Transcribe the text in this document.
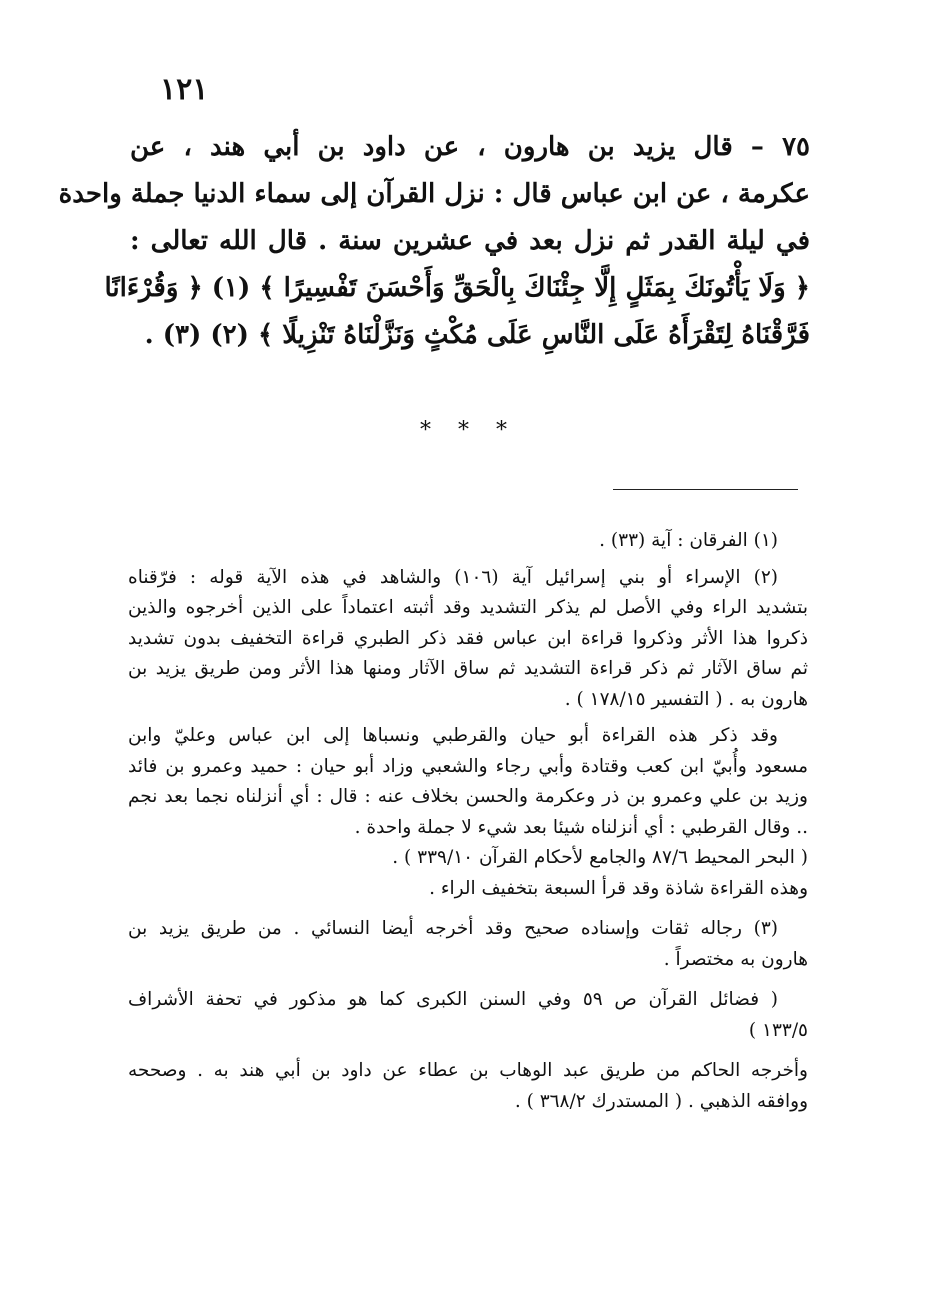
١٢١
٧٥ – قال يزيد بن هارون ، عن داود بن أبي هند ، عن
عكرمة ، عن ابن عباس قال : نزل القرآن إلى سماء الدنيا جملة واحدة
في ليلة القدر ثم نزل بعد في عشرين سنة . قال الله تعالى :
﴿ وَلَا يَأْتُونَكَ بِمَثَلٍ إِلَّا جِئْنَاكَ بِالْحَقِّ وَأَحْسَنَ تَفْسِيرًا ﴾ (١) ﴿ وَقُرْءَانًا
فَرَّقْنَاهُ لِتَقْرَأَهُ عَلَى النَّاسِ عَلَى مُكْثٍ وَنَزَّلْنَاهُ تَنْزِيلًا ﴾ (٢) (٣) .
* * *
(١) الفرقان : آية (٣٣) .
(٢) الإسراء أو بني إسرائيل آية (١٠٦) والشاهد في هذه الآية قوله : فرّقناه
بتشديد الراء وفي الأصل لم يذكر التشديد وقد أثبته اعتماداً على الذين أخرجوه والذين
ذكروا هذا الأثر وذكروا قراءة ابن عباس فقد ذكر الطبري قراءة التخفيف بدون تشديد
ثم ساق الآثار ثم ذكر قراءة التشديد ثم ساق الآثار ومنها هذا الأثر ومن طريق يزيد بن
هارون به . ( التفسير ١٧٨/١٥ ) .
وقد ذكر هذه القراءة أبو حيان والقرطبي ونسباها إلى ابن عباس وعليّ وابن
مسعود وأُبيّ ابن كعب وقتادة وأبي رجاء والشعبي وزاد أبو حيان : حميد وعمرو بن فائد
وزيد بن علي وعمرو بن ذر وعكرمة والحسن بخلاف عنه : قال : أي أنزلناه نجما بعد نجم
.. وقال القرطبي : أي أنزلناه شيئا بعد شيء لا جملة واحدة .
( البحر المحيط ٨٧/٦ والجامع لأحكام القرآن ٣٣٩/١٠ ) .
وهذه القراءة شاذة وقد قرأ السبعة بتخفيف الراء .
(٣) رجاله ثقات وإسناده صحيح وقد أخرجه أيضا النسائي . من طريق يزيد بن
هارون به مختصراً .
( فضائل القرآن ص ٥٩ وفي السنن الكبرى كما هو مذكور في تحفة الأشراف
١٣٣/٥ )
وأخرجه الحاكم من طريق عبد الوهاب بن عطاء عن داود بن أبي هند به . وصححه
ووافقه الذهبي . ( المستدرك ٣٦٨/٢ ) .
